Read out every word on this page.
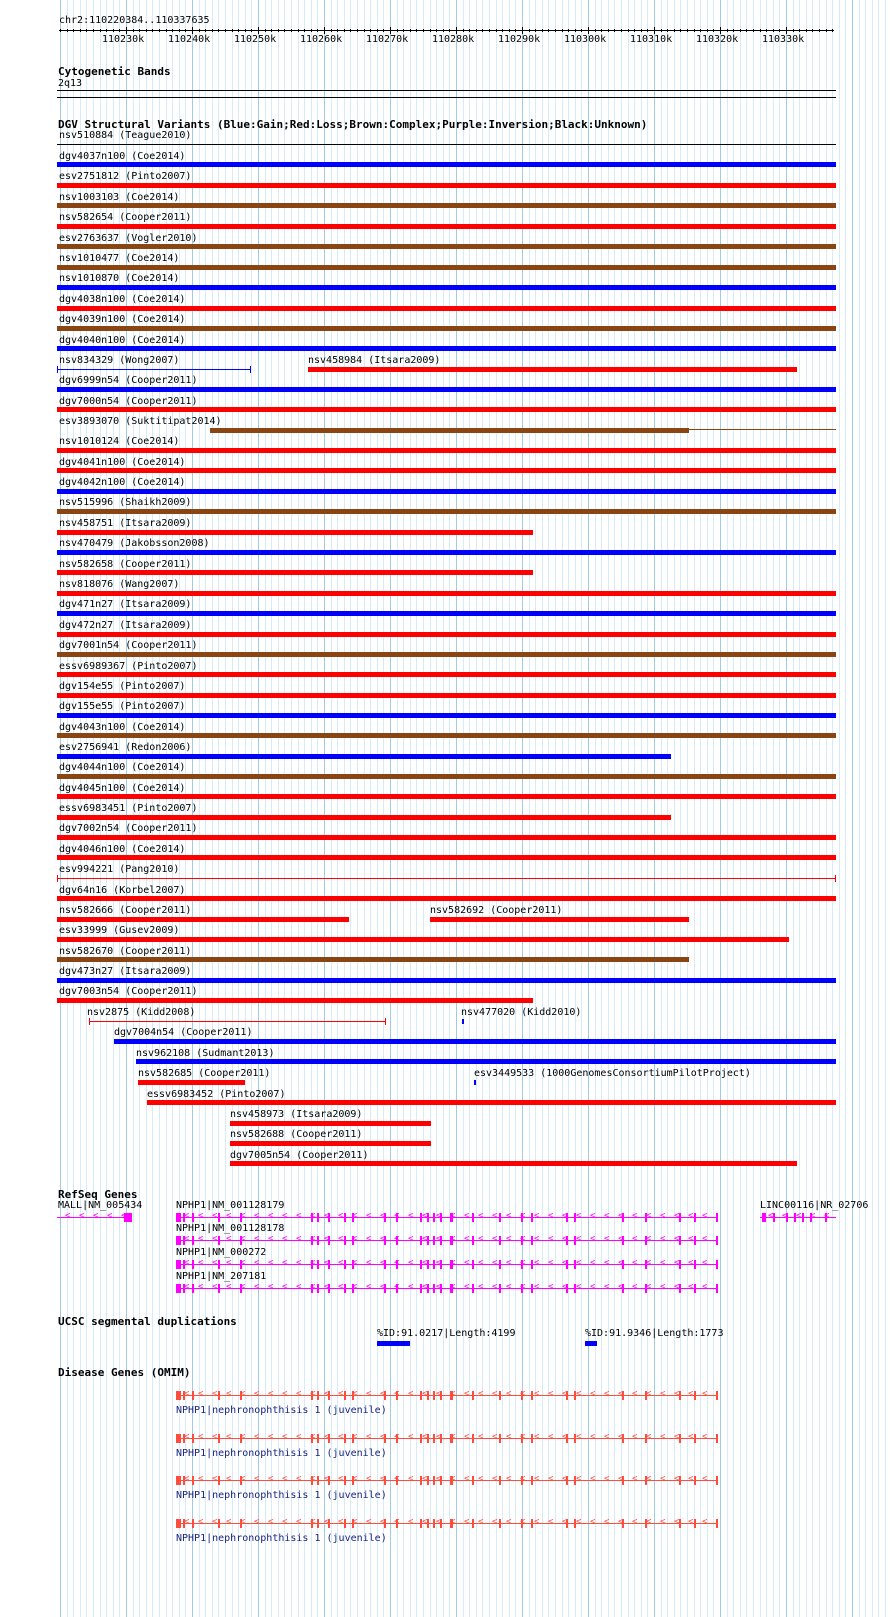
chr2:110220384..110337635
110230k 110240k 110250k 110260k 110270k 110280k 110290k 110300k 110310k 110320k 110330k
Cytogenetic Bands
2q13
DGV Structural Variants (Blue:Gain;Red:Loss;Brown:Complex;Purple:Inversion;Black:Unknown)
nsv510884 (Teague2010)
dgv4037n100 (Coe2014)
esv2751812 (Pinto2007)
nsv1003103 (Coe2014)
nsv582654 (Cooper2011)
esv2763637 (Vogler2010)
nsv1010477 (Coe2014)
nsv1010870 (Coe2014)
dgv4038n100 (Coe2014)
dgv4039n100 (Coe2014)
dgv4040n100 (Coe2014)
nsv834329 (Wong2007)	nsv458984 (Itsara2009)
dgv6999n54 (Cooper2011)
dgv7000n54 (Cooper2011)
esv3893070 (Suktitipat2014)
nsv1010124 (Coe2014)
dgv4041n100 (Coe2014)
dgv4042n100 (Coe2014)
nsv515996 (Shaikh2009)
nsv458751 (Itsara2009)
nsv470479 (Jakobsson2008)
nsv582658 (Cooper2011)
nsv818076 (Wang2007)
dgv471n27 (Itsara2009)
dgv472n27 (Itsara2009)
dgv7001n54 (Cooper2011)
essv6989367 (Pinto2007)
dgv154e55 (Pinto2007)
dgv155e55 (Pinto2007)
dgv4043n100 (Coe2014)
esv2756941 (Redon2006)
dgv4044n100 (Coe2014)
dgv4045n100 (Coe2014)
essv6983451 (Pinto2007)
dgv7002n54 (Cooper2011)
dgv4046n100 (Coe2014)
esv994221 (Pang2010)
dgv64n16 (Korbel2007)
nsv582666 (Cooper2011)	nsv582692 (Cooper2011)
esv33999 (Gusev2009)
nsv582670 (Cooper2011)
dgv473n27 (Itsara2009)
dgv7003n54 (Cooper2011)
nsv2875 (Kidd2008)	nsv477020 (Kidd2010)
dgv7004n54 (Cooper2011)
nsv962108 (Sudmant2013)
nsv582685 (Cooper2011)	esv3449533 (1000GenomesConsortiumPilotProject)
essv6983452 (Pinto2007)
nsv458973 (Itsara2009)
nsv582688 (Cooper2011)
dgv7005n54 (Cooper2011)
RefSeq Genes
MALL|NM_005434
< < < < <
NPHP1|NM_001128179
< < < < < < < < < < < < < < < < < < < < < < < < < < < < < < < < < < < < < <
NPHP1|NM_001128178
< < < < < < < < < < < < < < < < < < < < < < < < < < < < < < < < < < < < < <
NPHP1|NM_000272
< < < < < < < < < < < < < < < < < < < < < < < < < < < < < < < < < < < < < <
NPHP1|NM_207181
< < < < < < < < < < < < < < < < < < < < < < < < < < < < < < < < < < < < < <
LINC00116|NR_02706
< < < < <
UCSC segmental duplications
%ID:91.0217|Length:4199	%ID:91.9346|Length:1773
Disease Genes (OMIM)
< < < < < < < < < < < < < < < < < < < < < < < < < < < < < < < < < < < < < <
NPHP1|nephronophthisis 1 (juvenile)
< < < < < < < < < < < < < < < < < < < < < < < < < < < < < < < < < < < < < <
NPHP1|nephronophthisis 1 (juvenile)
< < < < < < < < < < < < < < < < < < < < < < < < < < < < < < < < < < < < < <
NPHP1|nephronophthisis 1 (juvenile)
< < < < < < < < < < < < < < < < < < < < < < < < < < < < < < < < < < < < < <
NPHP1|nephronophthisis 1 (juvenile)
